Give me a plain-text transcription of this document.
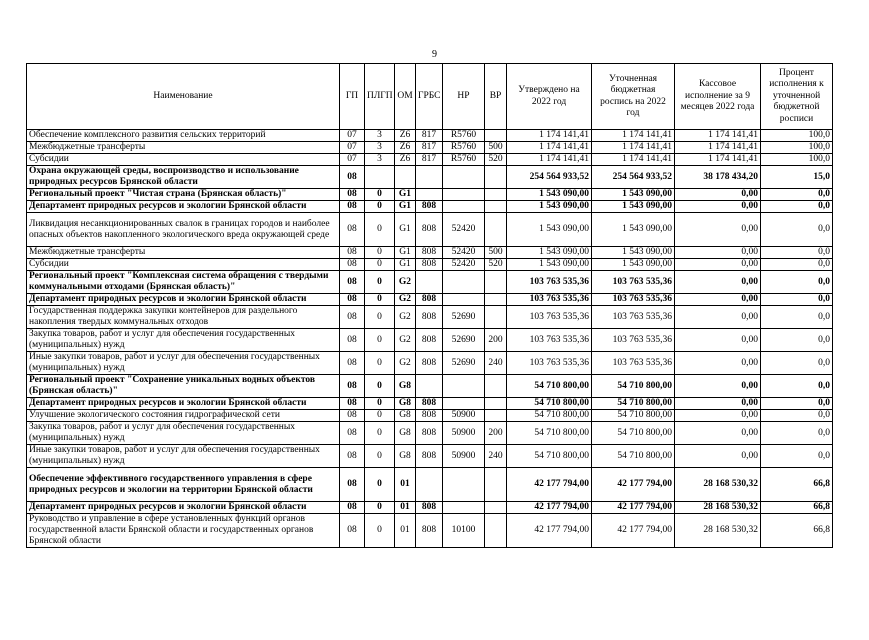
9
Наименование	ГП	ПЛГП	ОМ	ГРБС	НР	ВР	Утверждено на 2022 год	Уточненная бюджетная роспись на 2022 год	Кассовое исполнение за 9 месяцев 2022 года	Процент исполнения к уточненной бюджетной росписи
Обеспечение комплексного развития сельских территорий	07	3	Z6	817	R5760		1 174 141,41	1 174 141,41	1 174 141,41	100,0
Межбюджетные трансферты	07	3	Z6	817	R5760	500	1 174 141,41	1 174 141,41	1 174 141,41	100,0
Субсидии	07	3	Z6	817	R5760	520	1 174 141,41	1 174 141,41	1 174 141,41	100,0
Охрана окружающей среды, воспроизводство и использование природных ресурсов Брянской области	08						254 564 933,52	254 564 933,52	38 178 434,20	15,0
Региональный проект "Чистая страна (Брянская область)"	08	0	G1				1 543 090,00	1 543 090,00	0,00	0,0
Департамент природных ресурсов и экологии Брянской области	08	0	G1	808			1 543 090,00	1 543 090,00	0,00	0,0
Ликвидация несанкционированных свалок в границах городов и наиболее опасных объектов накопленного экологического вреда окружающей среде	08	0	G1	808	52420		1 543 090,00	1 543 090,00	0,00	0,0
Межбюджетные трансферты	08	0	G1	808	52420	500	1 543 090,00	1 543 090,00	0,00	0,0
Субсидии	08	0	G1	808	52420	520	1 543 090,00	1 543 090,00	0,00	0,0
Региональный проект "Комплексная система обращения с твердыми коммунальными отходами (Брянская область)"	08	0	G2				103 763 535,36	103 763 535,36	0,00	0,0
Департамент природных ресурсов и экологии Брянской области	08	0	G2	808			103 763 535,36	103 763 535,36	0,00	0,0
Государственная поддержка закупки контейнеров для раздельного накопления твердых коммунальных отходов	08	0	G2	808	52690		103 763 535,36	103 763 535,36	0,00	0,0
Закупка товаров, работ и услуг для обеспечения государственных (муниципальных) нужд	08	0	G2	808	52690	200	103 763 535,36	103 763 535,36	0,00	0,0
Иные закупки товаров, работ и услуг для обеспечения государственных (муниципальных) нужд	08	0	G2	808	52690	240	103 763 535,36	103 763 535,36	0,00	0,0
Региональный проект "Сохранение уникальных водных объектов (Брянская область)"	08	0	G8				54 710 800,00	54 710 800,00	0,00	0,0
Департамент природных ресурсов и экологии Брянской области	08	0	G8	808			54 710 800,00	54 710 800,00	0,00	0,0
Улучшение экологического состояния гидрографической сети	08	0	G8	808	50900		54 710 800,00	54 710 800,00	0,00	0,0
Закупка товаров, работ и услуг для обеспечения государственных (муниципальных) нужд	08	0	G8	808	50900	200	54 710 800,00	54 710 800,00	0,00	0,0
Иные закупки товаров, работ и услуг для обеспечения государственных (муниципальных) нужд	08	0	G8	808	50900	240	54 710 800,00	54 710 800,00	0,00	0,0
Обеспечение эффективного государственного управления в сфере природных ресурсов и экологии на территории Брянской области	08	0	01				42 177 794,00	42 177 794,00	28 168 530,32	66,8
Департамент природных ресурсов и экологии Брянской области	08	0	01	808			42 177 794,00	42 177 794,00	28 168 530,32	66,8
Руководство и управление в сфере установленных функций органов государственной власти Брянской области и государственных органов Брянской области	08	0	01	808	10100		42 177 794,00	42 177 794,00	28 168 530,32	66,8
